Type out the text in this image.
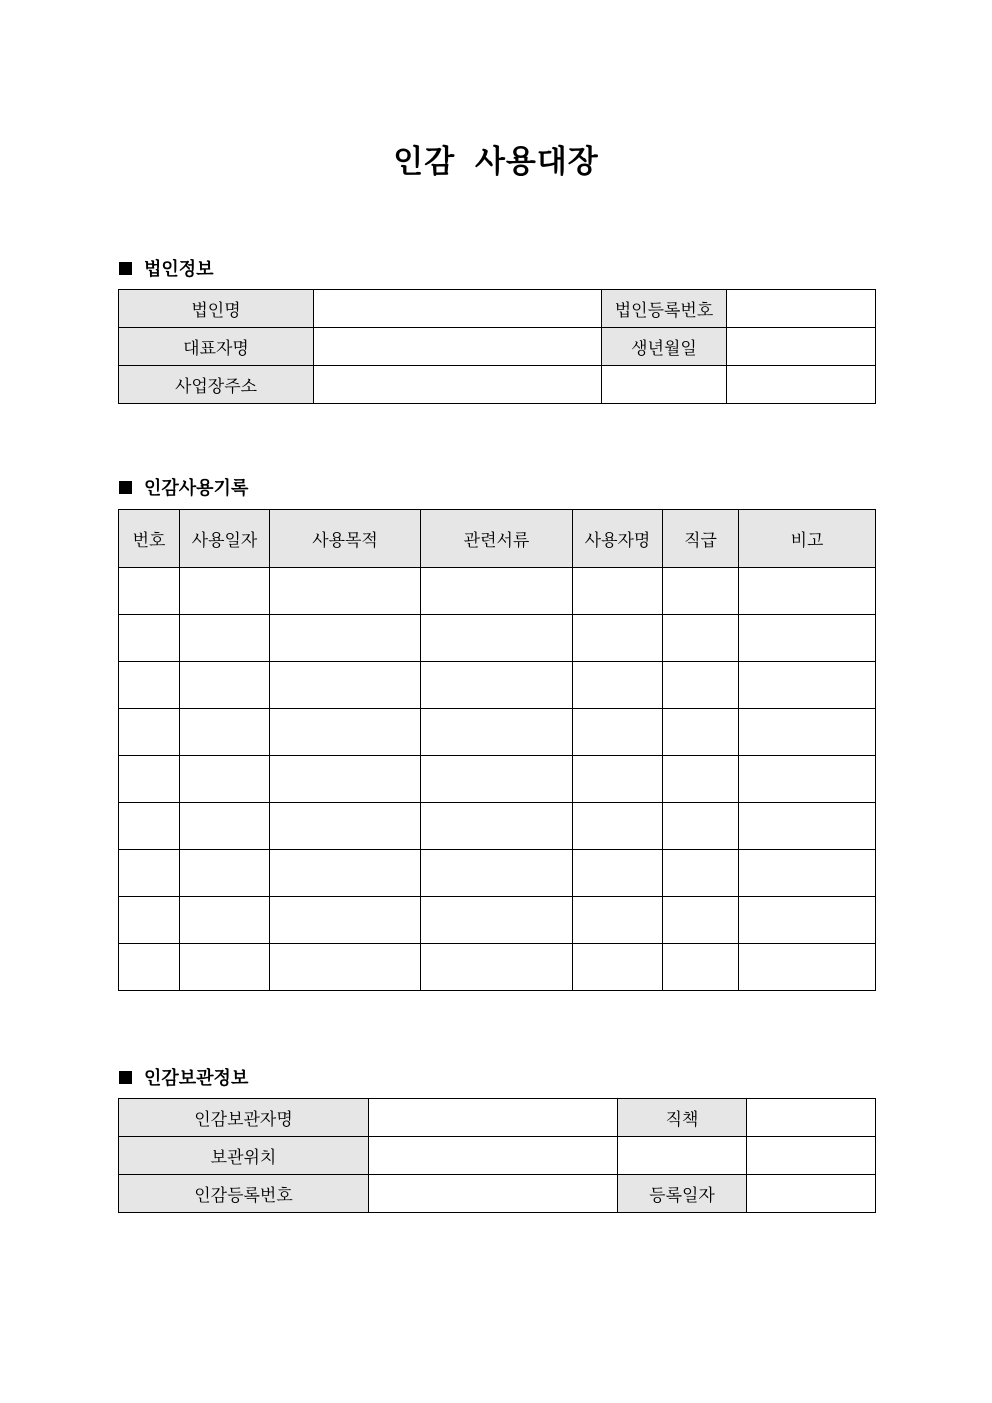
인감 사용대장
법인정보
법인명		법인등록번호	
대표자명		생년월일	
사업장주소			
인감사용기록
번호	사용일자	사용목적	관련서류	사용자명	직급	비고

인감보관정보
인감보관자명		직책	
보관위치			
인감등록번호		등록일자	
